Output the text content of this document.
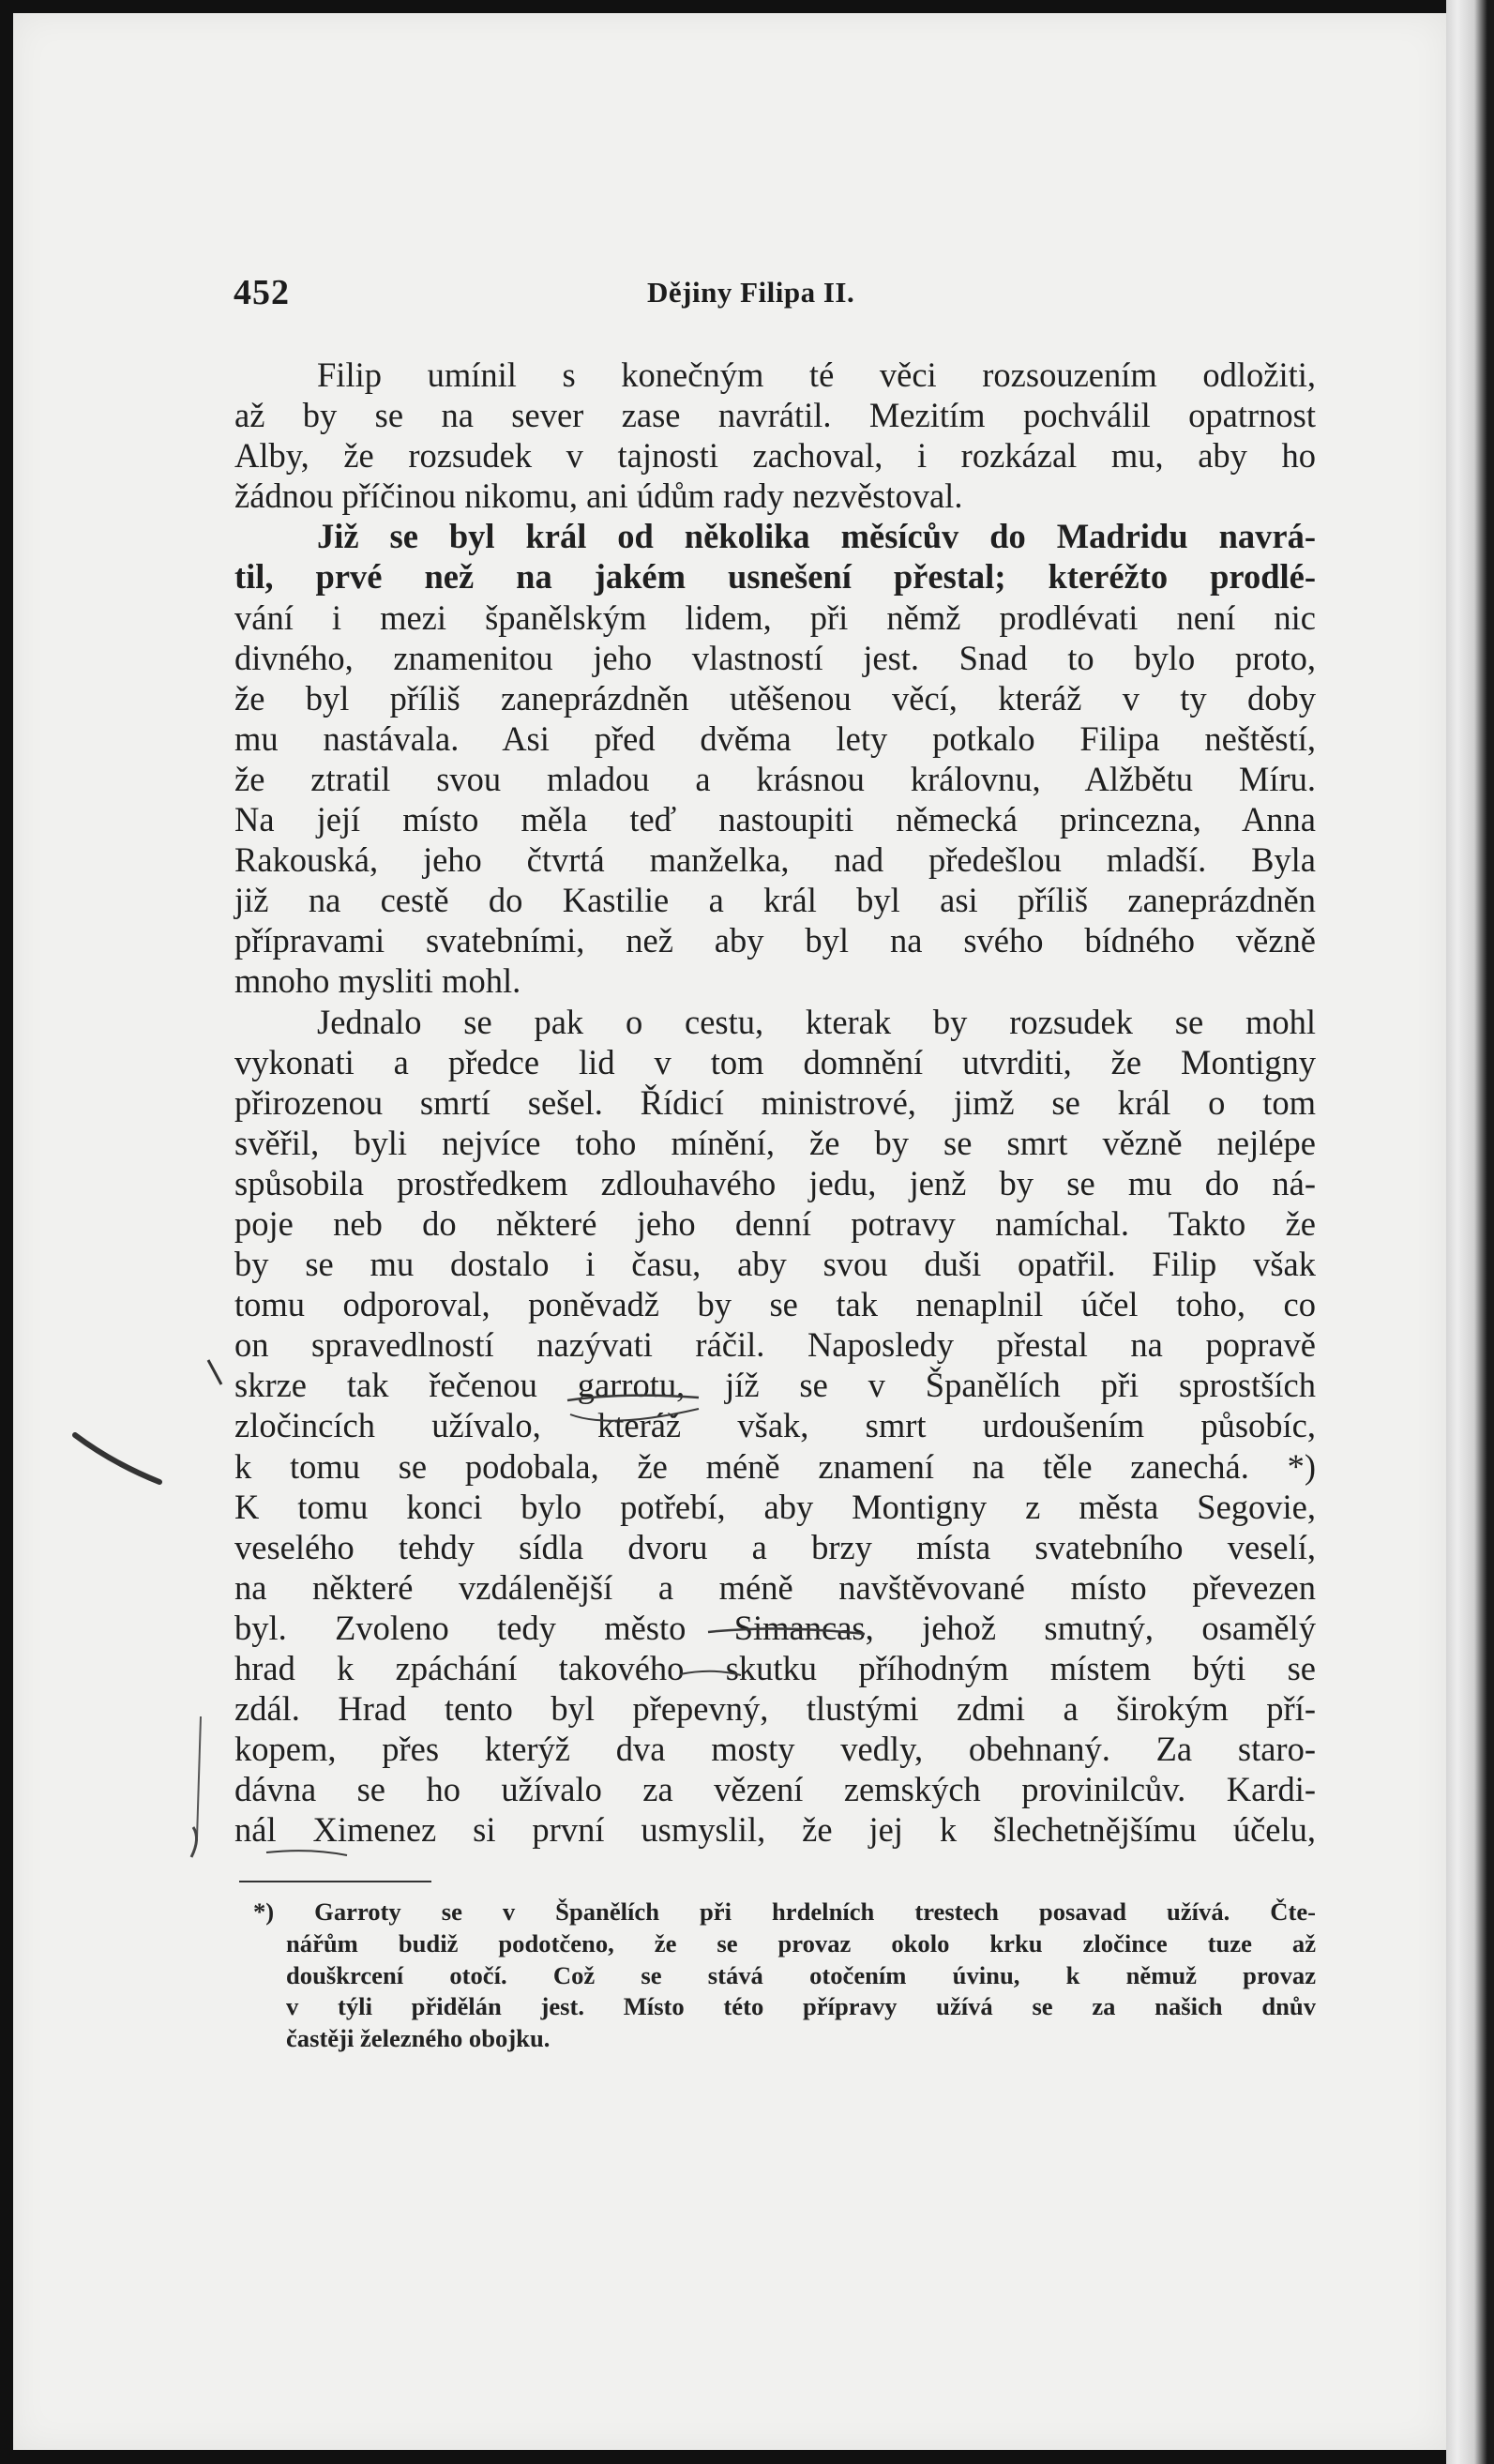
452	Dějiny Filipa II.
Filip umínil s konečným té věci rozsouzením odložiti,
až by se na sever zase navrátil. Mezitím pochválil opatrnost
Alby, že rozsudek v tajnosti zachoval, i rozkázal mu, aby ho
žádnou příčinou nikomu, ani údům rady nezvěstoval.
Již se byl král od několika měsícův do Madridu navrá-
til, prvé než na jakém usnešení přestal; kteréžto prodlé-
vání i mezi španělským lidem, při němž prodlévati není nic
divného, znamenitou jeho vlastností jest. Snad to bylo proto,
že byl příliš zaneprázdněn utěšenou věcí, kteráž v ty doby
mu nastávala. Asi před dvěma lety potkalo Filipa neštěstí,
že ztratil svou mladou a krásnou královnu, Alžbětu Míru.
Na její místo měla teď nastoupiti německá princezna, Anna
Rakouská, jeho čtvrtá manželka, nad předešlou mladší. Byla
již na cestě do Kastilie a král byl asi příliš zaneprázdněn
přípravami svatebními, než aby byl na svého bídného vězně
mnoho mysliti mohl.
Jednalo se pak o cestu, kterak by rozsudek se mohl
vykonati a předce lid v tom domnění utvrditi, že Montigny
přirozenou smrtí sešel. Řídicí ministrové, jimž se král o tom
svěřil, byli nejvíce toho mínění, že by se smrt vězně nejlépe
spůsobila prostředkem zdlouhavého jedu, jenž by se mu do ná-
poje neb do některé jeho denní potravy namíchal. Takto že
by se mu dostalo i času, aby svou duši opatřil. Filip však
tomu odporoval, poněvadž by se tak nenaplnil účel toho, co
on spravedlností nazývati ráčil. Naposledy přestal na popravě
skrze tak řečenou garrotu, jíž se v Španělích při sprostších
zločincích užívalo, kteráž však, smrt urdoušením působíc,
k tomu se podobala, že méně znamení na těle zanechá. *)
K tomu konci bylo potřebí, aby Montigny z města Segovie,
veselého tehdy sídla dvoru a brzy místa svatebního veselí,
na některé vzdálenější a méně navštěvované místo převezen
byl. Zvoleno tedy město Simancas, jehož smutný, osamělý
hrad k zpáchání takového skutku příhodným místem býti se
zdál. Hrad tento byl přepevný, tlustými zdmi a širokým pří-
kopem, přes kterýž dva mosty vedly, obehnaný. Za staro-
dávna se ho užívalo za vězení zemských provinilcův. Kardi-
nál Ximenez si první usmyslil, že jej k šlechetnějšímu účelu,
*) Garroty se v Španělích při hrdelních trestech posavad užívá. Čte-
nářům budiž podotčeno, že se provaz okolo krku zločince tuze až
douškrcení otočí. Což se stává otočením úvinu, k němuž provaz
v týli přidělán jest. Místo této přípravy užívá se za našich dnův
častěji železného obojku.
